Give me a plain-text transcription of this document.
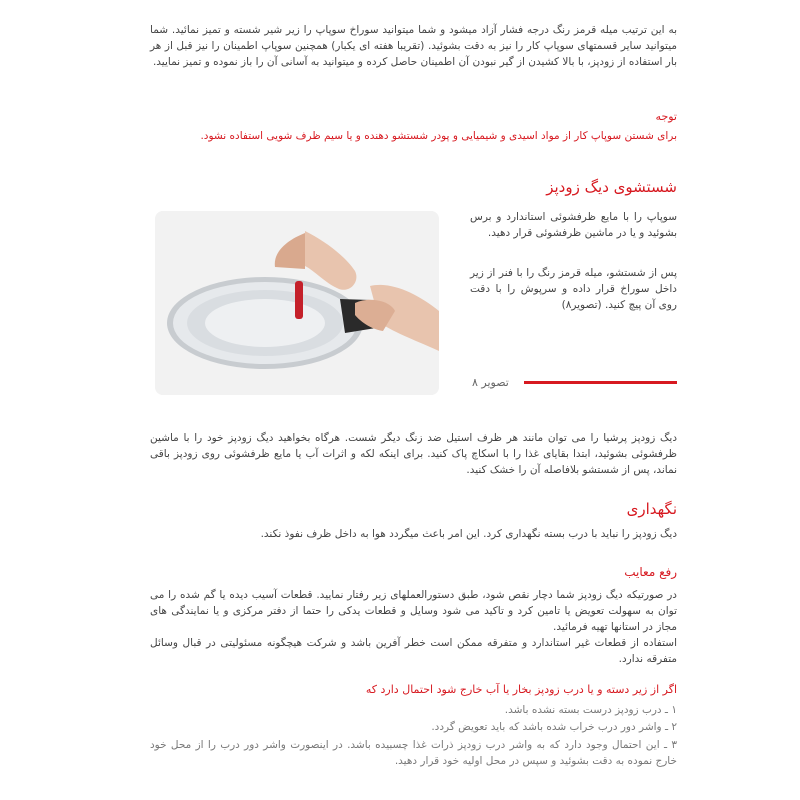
به این ترتیب میله قرمز رنگ درجه فشار آزاد میشود و شما میتوانید سوراخ سوپاپ را زیر شیر شسته و تمیز نمائید. شما میتوانید سایر قسمتهای سوپاپ کار را نیز به دقت بشوئید. (تقریبا هفته ای یکبار) همچنین سوپاپ اطمینان را نیز قبل از هر بار استفاده از زودپز، با بالا کشیدن از گیر نبودن آن اطمینان حاصل کرده و میتوانید به آسانی آن را باز نموده و تمیز نمایید.

توجه

برای شستن سوپاپ کار از مواد اسیدی و شیمیایی و پودر شستشو دهنده و یا سیم ظرف شویی استفاده نشود.

شستشوی دیگ زودپز

سوپاپ را با مایع ظرفشوئی استاندارد و برس بشوئید و یا در ماشین ظرفشوئی قرار دهید.

پس از شستشو، میله قرمز رنگ را با فنر از زیر داخل سوراخ قرار داده و سرپوش را با دقت روی آن پیچ کنید. (تصویر۸)

تصویر ۸

دیگ زودپز پرشیا را می توان مانند هر ظرف استیل ضد زنگ دیگر شست. هرگاه بخواهید دیگ زودپز خود را با ماشین ظرفشوئی بشوئید، ابتدا بقایای غذا را با اسکاچ پاک کنید. برای اینکه لکه و اثرات آب یا مایع ظرفشوئی روی زودپز باقی نماند، پس از شستشو بلافاصله آن را خشک کنید.

نگهداری

دیگ زودپز را نباید با درب بسته نگهداری کرد. این امر باعث میگردد هوا به داخل ظرف نفوذ نکند.

رفع معایب

در صورتیکه دیگ زودپز شما دچار نقص شود، طبق دستورالعملهای زیر رفتار نمایید. قطعات آسیب دیده یا گم شده را می توان به سهولت تعویض یا تامین کرد و تاکید می شود وسایل و قطعات یدکی را حتما از دفتر مرکزی و یا نمایندگی های مجاز در استانها تهیه فرمائید.

استفاده از قطعات غیر استاندارد و متفرقه ممکن است خطر آفرین باشد و شرکت هیچگونه مسئولیتی در قبال وسائل متفرقه ندارد.

اگر از زیر دسته و یا درب زودپز بخار یا آب خارج شود احتمال دارد که

۱ ـ درب زودپز درست بسته نشده باشد.

۲ ـ واشر دور درب خراب شده باشد که باید تعویض گردد.

۳ ـ این احتمال وجود دارد که به واشر درب زودپز ذرات غذا چسبیده باشد. در اینصورت واشر دور درب را از محل خود خارج نموده به دقت بشوئید و سپس در محل اولیه خود قرار دهید.
